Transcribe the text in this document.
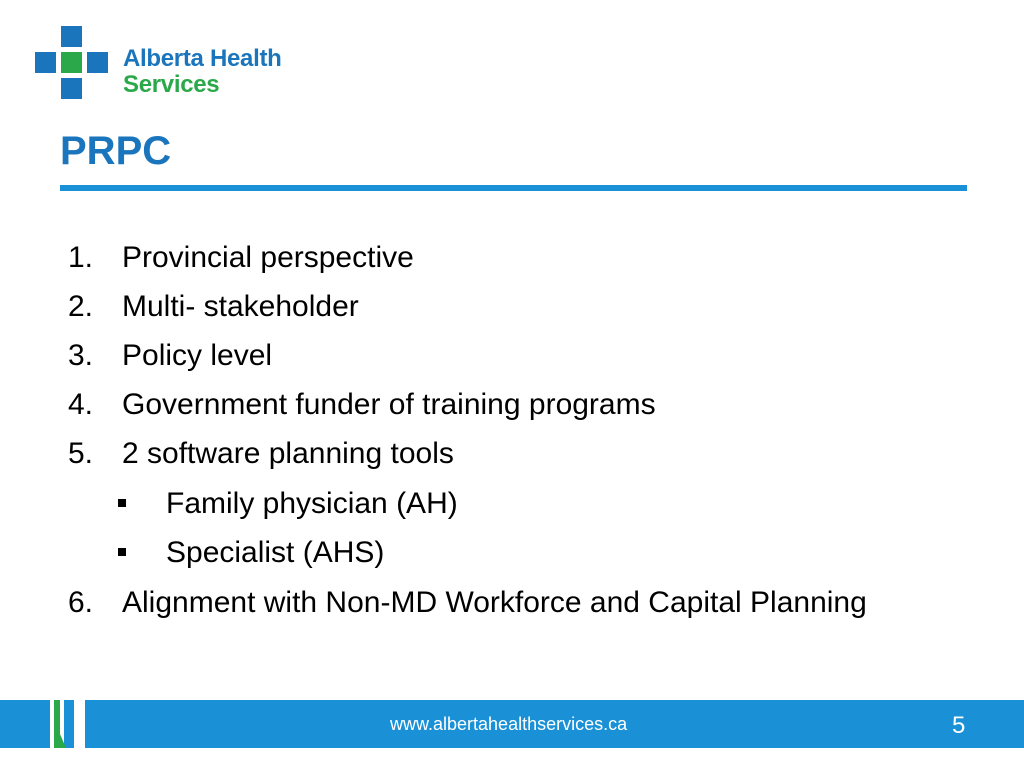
Alberta Health
Services
PRPC
1. Provincial perspective
2. Multi- stakeholder
3. Policy level
4. Government funder of training programs
5. 2 software planning tools
Family physician (AH)
Specialist (AHS)
6. Alignment with Non-MD Workforce and Capital Planning
www.albertahealthservices.ca	5
